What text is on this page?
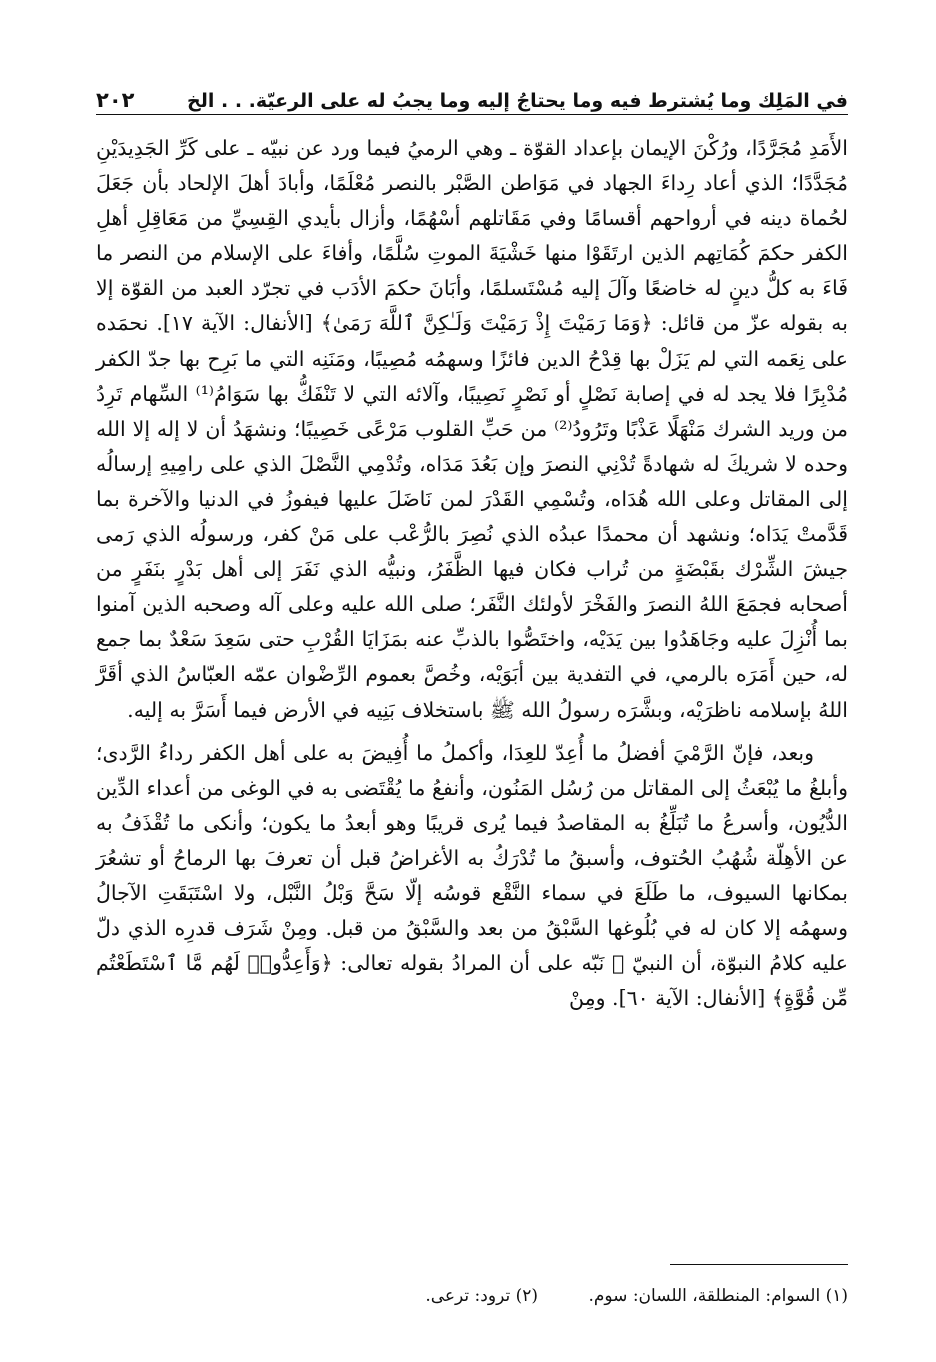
في المَلِك وما يُشترط فيه وما يحتاجُ إليه وما يجبُ له على الرعيّة. . . الخ
٢٠٢

الأَمَدِ مُجَرَّدًا، ورُكْنَ الإيمان بإعداد القوّة ـ وهي الرميُ فيما ورد عن نبيّه ـ على كَرِّ الجَدِيدَيْنِ مُجَدَّدًا؛ الذي أعاد رِداءَ الجهاد في مَوَاطن الصَّبْر بالنصر مُعْلَمًا، وأبادَ أهلَ الإلحاد بأن جَعَلَ لحُماة دينه في أرواحهم أقسامًا وفي مَقَاتلهم أسْهُمًا، وأزال بأيدي القِسِيِّ من مَعَاقِلِ أهلِ الكفر حكمَ كُمَاتِهم الذين ارتَقَوْا منها خَشْيَةَ الموتِ سُلَّمًا، وأفاءَ على الإسلام من النصر ما فَاءَ به كلُّ دينٍ له خاضعًا وآلَ إليه مُسْتَسلمًا، وأبَانَ حكمَ الأدَب في تجرّد العبد من القوّة إلا به بقوله عزّ من قائل: ﴿وَمَا رَمَيْتَ إِذْ رَمَيْتَ وَلَـٰكِنَّ ٱللَّهَ رَمَىٰ﴾ [الأنفال: الآية ١٧]. نحمَده على نِعَمه التي لم يَزَلْ بها قِدْحُ الدين فائزًا وسهمُه مُصِيبًا، ومَنَنِه التي ما بَرِح بها جدّ الكفر مُدْبِرًا فلا يجد له في إصابة نَصْلٍ أو نَصْرٍ نَصِيبًا، وآلائه التي لا تَنْفَكُّ بها سَوَامُ⁽¹⁾ السِّهام تَرِدُ من وريد الشرك مَنْهَلًا عَذْبًا وتَرُودُ⁽²⁾ من حَبِّ القلوب مَرْعًى خَصِيبًا؛ ونشهَدُ أن لا إله إلا الله وحده لا شريكَ له شهادةً تُدْنِي النصرَ وإن بَعُدَ مَدَاه، وتُدْمِي النَّصْلَ الذي على رامِيهِ إرسالُه إلى المقاتل وعلى الله هُدَاه، وتُسْمِي القَدْرَ لمن نَاضَلَ عليها فيفوزُ في الدنيا والآخرة بما قَدَّمتْ يَدَاه؛ ونشهد أن محمدًا عبدُه الذي نُصِرَ بالرُّعْب على مَنْ كفر، ورسولُه الذي رَمى جيشَ الشِّرْك بقَبْضَةٍ من تُراب فكان فيها الظَّفَرُ، ونبيُّه الذي نَفَرَ إلى أهل بَدْرٍ بنَفَرٍ من أصحابه فجمَعَ اللهُ النصرَ والفَخْرَ لأولئك النَّفَر؛ صلى الله عليه وعلى آله وصحبه الذين آمنوا بما أُنْزِلَ عليه وجَاهَدُوا بين يَدَيْه، واختَصُّوا بالذبِّ عنه بمَزَايَا القُرْبِ حتى سَعِدَ سَعْدٌ بما جمع له، حين أَمَرَه بالرمي، في التفدية بين أبَوَيْه، وخُصَّ بعموم الرِّضْوان عمّه العبّاسُ الذي أقَرَّ اللهُ بإسلامه ناظرَيْه، وبشَّرَه رسولُ الله ﷺ باستخلاف بَنِيه في الأرض فيما أَسَرَّ به إليه.

وبعد، فإنّ الرَّمْيَ أفضلُ ما أُعِدّ للعِدَا، وأكملُ ما أُفِيضَ به على أهل الكفر رداءُ الرَّدى؛ وأبلغُ ما يُبْعَثُ إلى المقاتل من رُسُل المَنُون، وأنفعُ ما يُقْتَضى به في الوغى من أعداء الدِّين الدُّيُون، وأسرعُ ما تُبَلِّغُ به المقاصدُ فيما يُرى قريبًا وهو أبعدُ ما يكون؛ وأنكى ما تُقْذَفُ به عن الأهِلّة شُهُبُ الحُتوف، وأسبقُ ما تُدْرَكُ به الأغراضُ قبل أن تعرفَ بها الرماحُ أو تشعُرَ بمكانها السيوف، ما طَلَعَ في سماء النَّقْع قوسُه إلّا سَحَّ وَبْلُ النَّبْل، ولا اسْتَبَقَتِ الآجالُ وسهمُه إلا كان له في بُلُوغها السَّبْقُ من بعد والسَّبْقُ من قبل. ومِنْ شَرَف قدرِه الذي دلّ عليه كلامُ النبوّة، أن النبيّ ﷺ نَبّه على أن المرادُ بقوله تعالى: ﴿وَأَعِدُّوا۟ لَهُم مَّا ٱسْتَطَعْتُم مِّن قُوَّةٍ﴾ [الأنفال: الآية ٦٠]. ومِنْ

(١) السوام: المنطلقة، اللسان: سوم.
(٢) ترود: ترعى.
